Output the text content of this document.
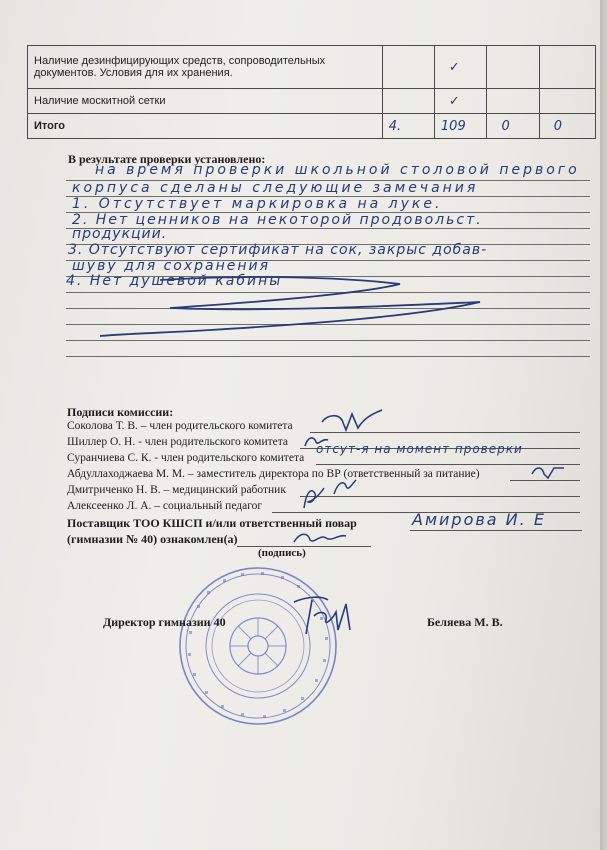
Наличие дезинфицирующих средств, сопроводительных документов. Условия для их хранения.		✓		
Наличие москитной сетки		✓		
Итого	4.	109	0	0
В результате проверки установлено:
на время проверки школьной столовой первого
корпуса сделаны следующие замечания
1. Отсутствует маркировка на луке.
2. Нет ценников на некоторой продовольст.
продукции.
3. Отсутствуют сертификат на сок, закрыс добав-
шуву для сохранения
4. Нет душевой кабины
Подписи комиссии:
Соколова Т. В. – член родительского комитета
Шиллер О. Н. - член родительского комитета
Суранчиева С. К. - член родительского комитета
отсут-я на момент проверки
Абдуллаходжаева М. М. – заместитель директора по ВР (ответственный за питание)
Дмитриченко Н. В. – медицинский работник
Алексеенко Л. А. – социальный педагог
Поставщик ТОО КШСП и/или ответственный повар
(гимназии № 40) ознакомлен(а)
Амирова И. Е
(подпись)
Директор гимназии 40	Беляева М. В.
